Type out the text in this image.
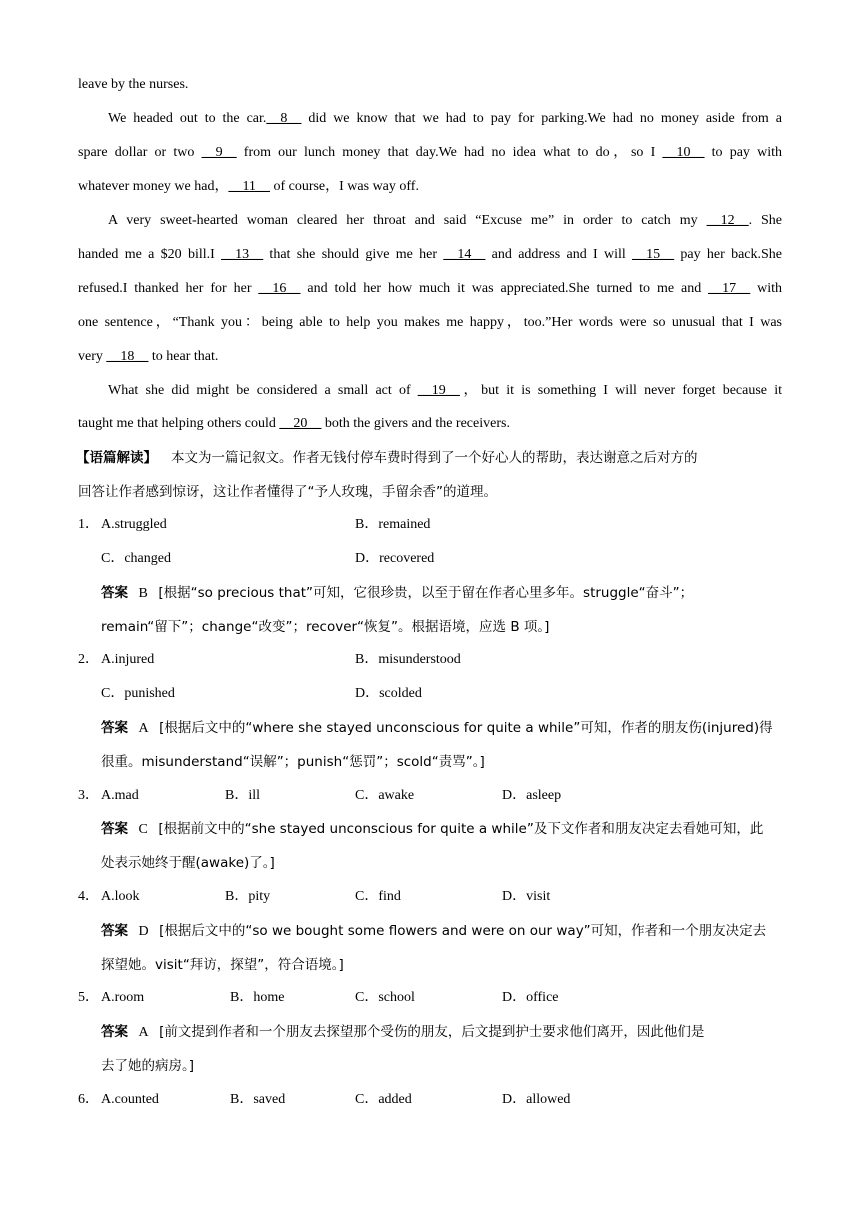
leave by the nurses.
We headed out to the car.__8__ did we know that we had to pay for parking.We had no money aside from a
spare dollar or two __9__ from our lunch money that day.We had no idea what to do，so I __10__ to pay with
whatever money we had，__11__ of course，I was way off.
A very sweet-hearted woman cleared her throat and said “Excuse me” in order to catch my __12__. She
handed me a $20 bill.I __13__ that she should give me her __14__ and address and I will __15__ pay her back.She
refused.I thanked her for her __16__ and told her how much it was appreciated.She turned to me and __17__ with
one sentence，“Thank you：being able to help you makes me happy，too.”Her words were so unusual that I was
very __18__ to hear that.
What she did might be considered a small act of __19__，but it is something I will never forget because it
taught me that helping others could __20__ both the givers and the receivers.
【语篇解读】 本文为一篇记叙文。作者无钱付停车费时得到了一个好心人的帮助，表达谢意之后对方的
回答让作者感到惊讶，这让作者懂得了“予人玫瑰，手留余香”的道理。
1． A.struggled	B．remained
C．changed	D．recovered
答案 B [根据“so precious that”可知，它很珍贵，以至于留在作者心里多年。struggle“奋斗”；
remain“留下”；change“改变”；recover“恢复”。根据语境，应选 B 项。]
2． A.injured	B．misunderstood
C．punished	D．scolded
答案 A [根据后文中的“where she stayed unconscious for quite a while”可知，作者的朋友伤(injured)得
很重。misunderstand“误解”；punish“惩罚”；scold“责骂”。]
3． A.mad	B．ill	C．awake	D．asleep
答案 C [根据前文中的“she stayed unconscious for quite a while”及下文作者和朋友决定去看她可知，此
处表示她终于醒(awake)了。]
4． A.look	B．pity	C．find	D．visit
答案 D [根据后文中的“so we bought some flowers and were on our way”可知，作者和一个朋友决定去
探望她。visit“拜访，探望”，符合语境。]
5． A.room	B．home	C．school	D．office
答案 A [前文提到作者和一个朋友去探望那个受伤的朋友，后文提到护士要求他们离开，因此他们是
去了她的病房。]
6． A.counted	B．saved	C．added	D．allowed
